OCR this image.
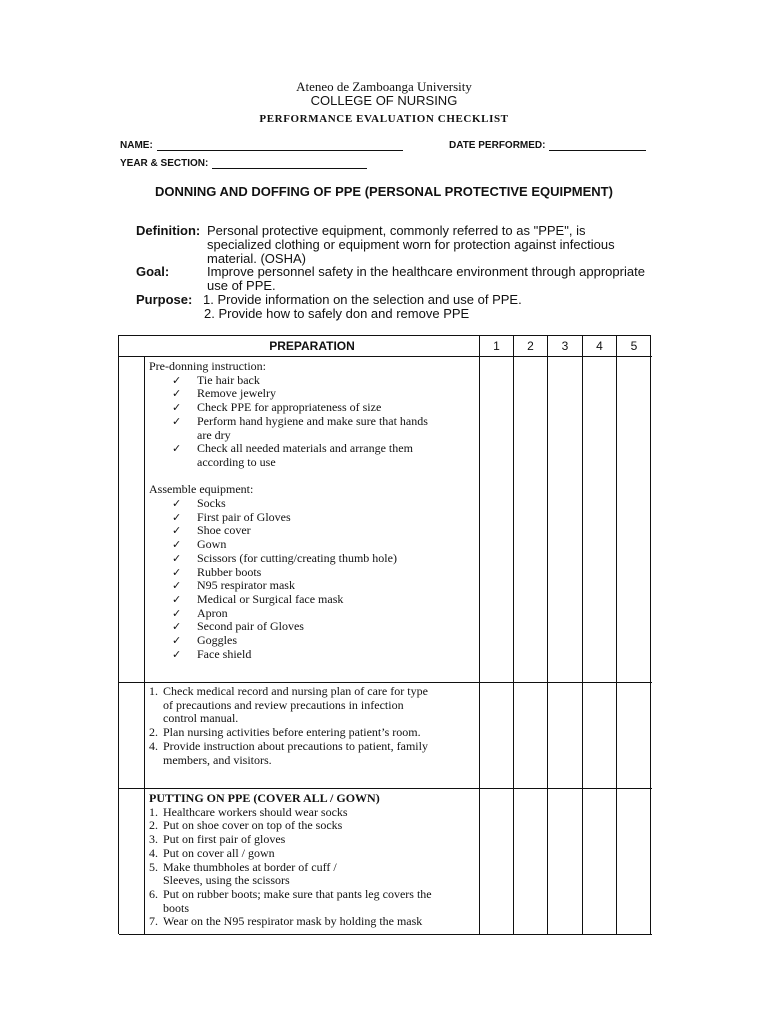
Ateneo de Zamboanga University
COLLEGE OF NURSING
PERFORMANCE EVALUATION CHECKLIST
NAME:	DATE PERFORMED:
YEAR & SECTION:
DONNING AND DOFFING OF PPE (PERSONAL PROTECTIVE EQUIPMENT)
Definition: Personal protective equipment, commonly referred to as "PPE", is
specialized clothing or equipment worn for protection against infectious
material. (OSHA)
Goal:	Improve personnel safety in the healthcare environment through appropriate
use of PPE.
Purpose: 1. Provide information on the selection and use of PPE.
2. Provide how to safely don and remove PPE
PREPARATION	1	2	3	4	5
Pre-donning instruction:
✓ Tie hair back
✓ Remove jewelry
✓ Check PPE for appropriateness of size
✓ Perform hand hygiene and make sure that hands
are dry
✓ Check all needed materials and arrange them
according to use
Assemble equipment:
✓ Socks
✓ First pair of Gloves
✓ Shoe cover
✓ Gown
✓ Scissors (for cutting/creating thumb hole)
✓ Rubber boots
✓ N95 respirator mask
✓ Medical or Surgical face mask
✓ Apron
✓ Second pair of Gloves
✓ Goggles
✓ Face shield
1. Check medical record and nursing plan of care for type
of precautions and review precautions in infection
control manual.
2. Plan nursing activities before entering patient’s room.
4. Provide instruction about precautions to patient, family
members, and visitors.
PUTTING ON PPE (COVER ALL / GOWN)
1. Healthcare workers should wear socks
2. Put on shoe cover on top of the socks
3. Put on first pair of gloves
4. Put on cover all / gown
5. Make thumbholes at border of cuff /
Sleeves, using the scissors
6. Put on rubber boots; make sure that pants leg covers the
boots
7. Wear on the N95 respirator mask by holding the mask
